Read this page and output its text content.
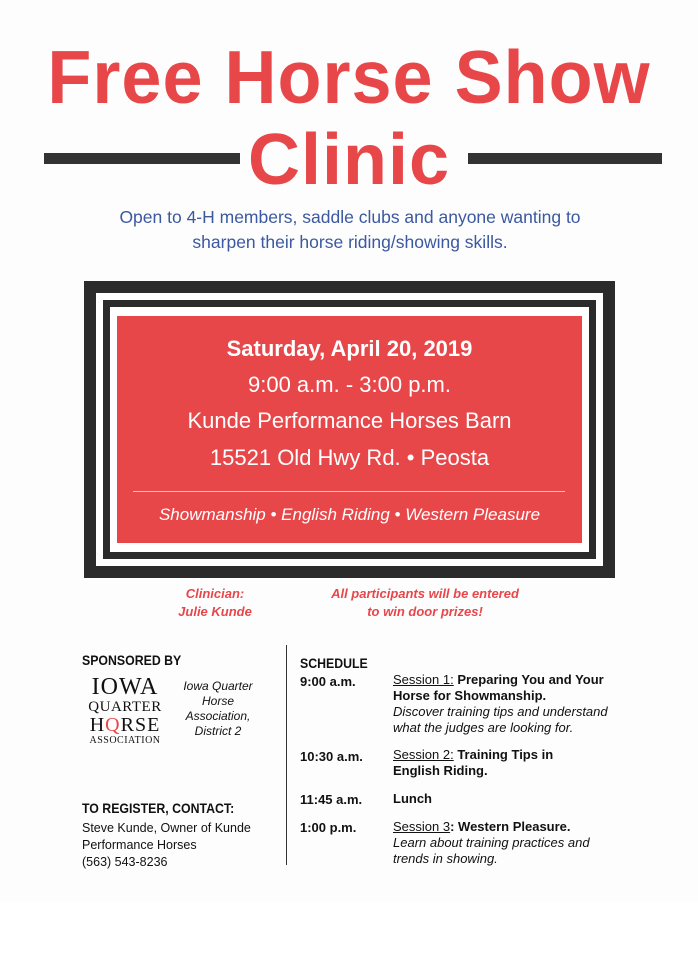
Free Horse Show
Clinic
Open to 4-H members, saddle clubs and anyone wanting to
sharpen their horse riding/showing skills.
Saturday, April 20, 2019
9:00 a.m. - 3:00 p.m.
Kunde Performance Horses Barn
15521 Old Hwy Rd. • Peosta
Showmanship • English Riding • Western Pleasure
Clinician:
Julie Kunde
All participants will be entered
to win door prizes!
SPONSORED BY
IOWA
QUARTER
HQRSE
ASSOCIATION
Iowa Quarter
Horse
Association,
District 2
TO REGISTER, CONTACT:
Steve Kunde, Owner of Kunde
Performance Horses
(563) 543-8236
SCHEDULE
9:00 a.m.	Session 1: Preparing You and Your
Horse for Showmanship.
Discover training tips and understand
what the judges are looking for.
10:30 a.m.	Session 2: Training Tips in
English Riding.
11:45 a.m.	Lunch
1:00 p.m.	Session 3: Western Pleasure.
Learn about training practices and
trends in showing.
